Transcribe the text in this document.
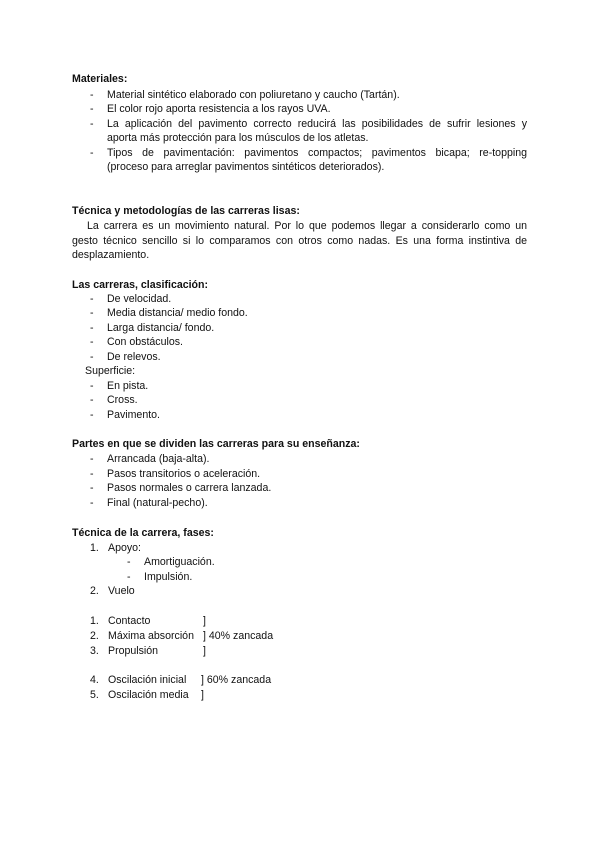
Materiales:
- Material sintético elaborado con poliuretano y caucho (Tartán).
- El color rojo aporta resistencia a los rayos UVA.
- La aplicación del pavimento correcto reducirá las posibilidades de sufrir lesiones y
aporta más protección para los músculos de los atletas.
- Tipos de pavimentación: pavimentos compactos; pavimentos bicapa; re-topping
(proceso para arreglar pavimentos sintéticos deteriorados).
Técnica y metodologías de las carreras lisas:
La carrera es un movimiento natural. Por lo que podemos llegar a considerarlo como un
gesto técnico sencillo si lo comparamos con otros como nadas. Es una forma instintiva de
desplazamiento.
Las carreras, clasificación:
- De velocidad.
- Media distancia/ medio fondo.
- Larga distancia/ fondo.
- Con obstáculos.
- De relevos.
Superficie:
- En pista.
- Cross.
- Pavimento.
Partes en que se dividen las carreras para su enseñanza:
- Arrancada (baja-alta).
- Pasos transitorios o aceleración.
- Pasos normales o carrera lanzada.
- Final (natural-pecho).
Técnica de la carrera, fases:
1. Apoyo:
- Amortiguación.
- Impulsión.
2. Vuelo
1. Contacto	]
2. Máxima absorción ] 40% zancada
3. Propulsión	]
4. Oscilación inicial ] 60% zancada
5. Oscilación media ]
